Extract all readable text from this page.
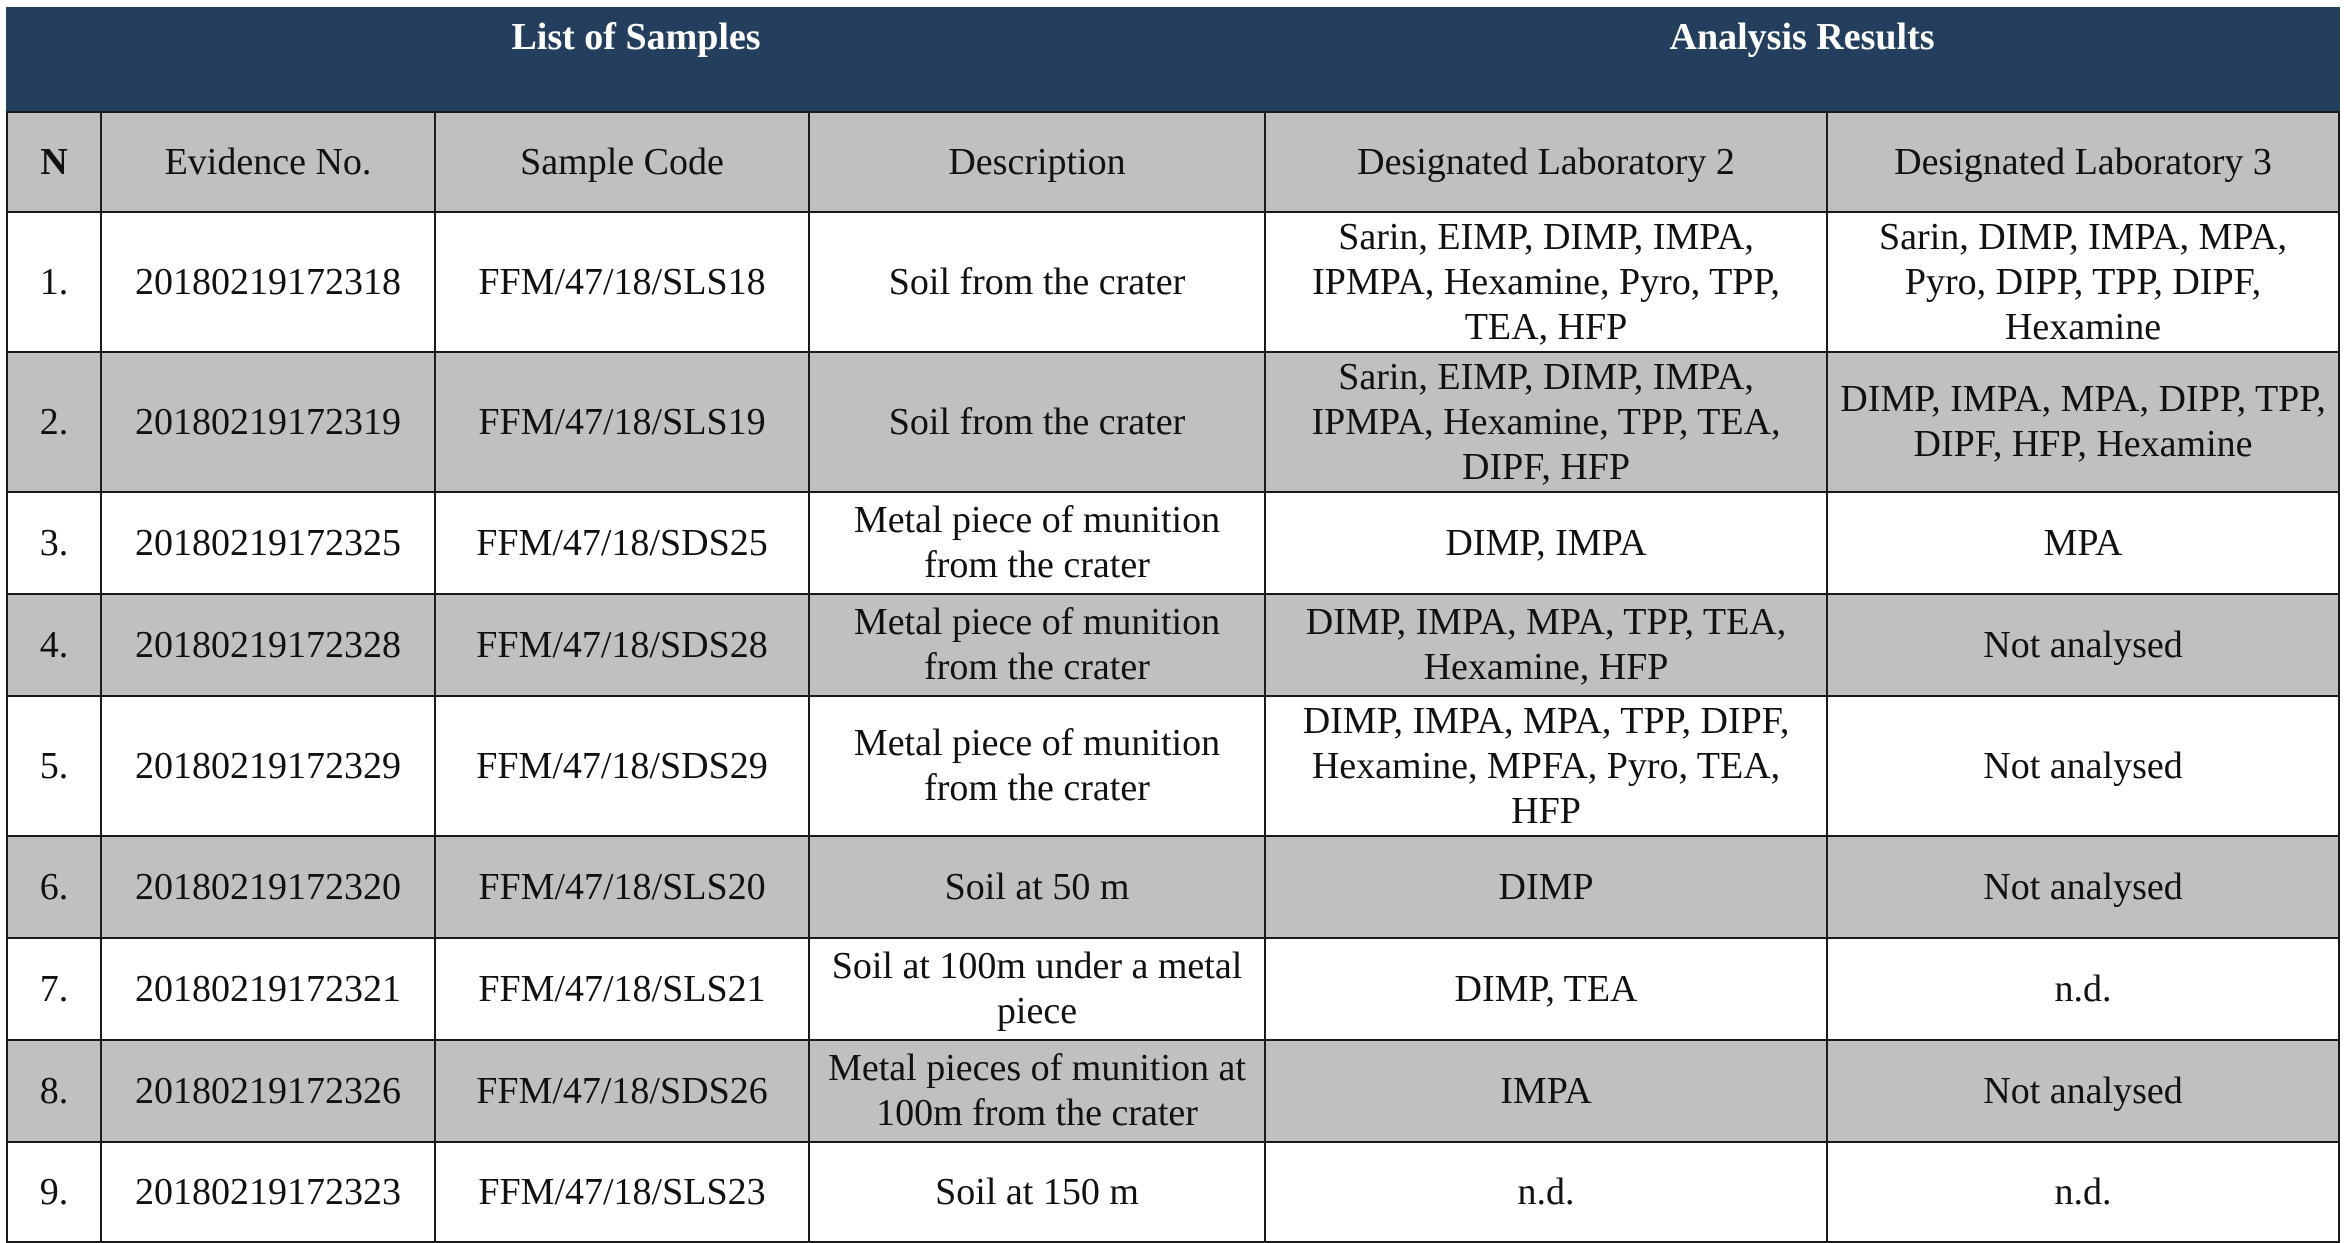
List of Samples				Analysis Results	
N	Evidence No.	Sample Code	Description	Designated Laboratory 2	Designated Laboratory 3
1.	20180219172318	FFM/47/18/SLS18	Soil from the crater	Sarin, EIMP, DIMP, IMPA, IPMPA, Hexamine, Pyro, TPP, TEA, HFP	Sarin, DIMP, IMPA, MPA, Pyro, DIPP, TPP, DIPF, Hexamine
2.	20180219172319	FFM/47/18/SLS19	Soil from the crater	Sarin, EIMP, DIMP, IMPA, IPMPA, Hexamine, TPP, TEA, DIPF, HFP	DIMP, IMPA, MPA, DIPP, TPP, DIPF, HFP, Hexamine
3.	20180219172325	FFM/47/18/SDS25	Metal piece of munition from the crater	DIMP, IMPA	MPA
4.	20180219172328	FFM/47/18/SDS28	Metal piece of munition from the crater	DIMP, IMPA, MPA, TPP, TEA, Hexamine, HFP	Not analysed
5.	20180219172329	FFM/47/18/SDS29	Metal piece of munition from the crater	DIMP, IMPA, MPA, TPP, DIPF, Hexamine, MPFA, Pyro, TEA, HFP	Not analysed
6.	20180219172320	FFM/47/18/SLS20	Soil at 50 m	DIMP	Not analysed
7.	20180219172321	FFM/47/18/SLS21	Soil at 100m under a metal piece	DIMP, TEA	n.d.
8.	20180219172326	FFM/47/18/SDS26	Metal pieces of munition at 100m from the crater	IMPA	Not analysed
9.	20180219172323	FFM/47/18/SLS23	Soil at 150 m	n.d.	n.d.
